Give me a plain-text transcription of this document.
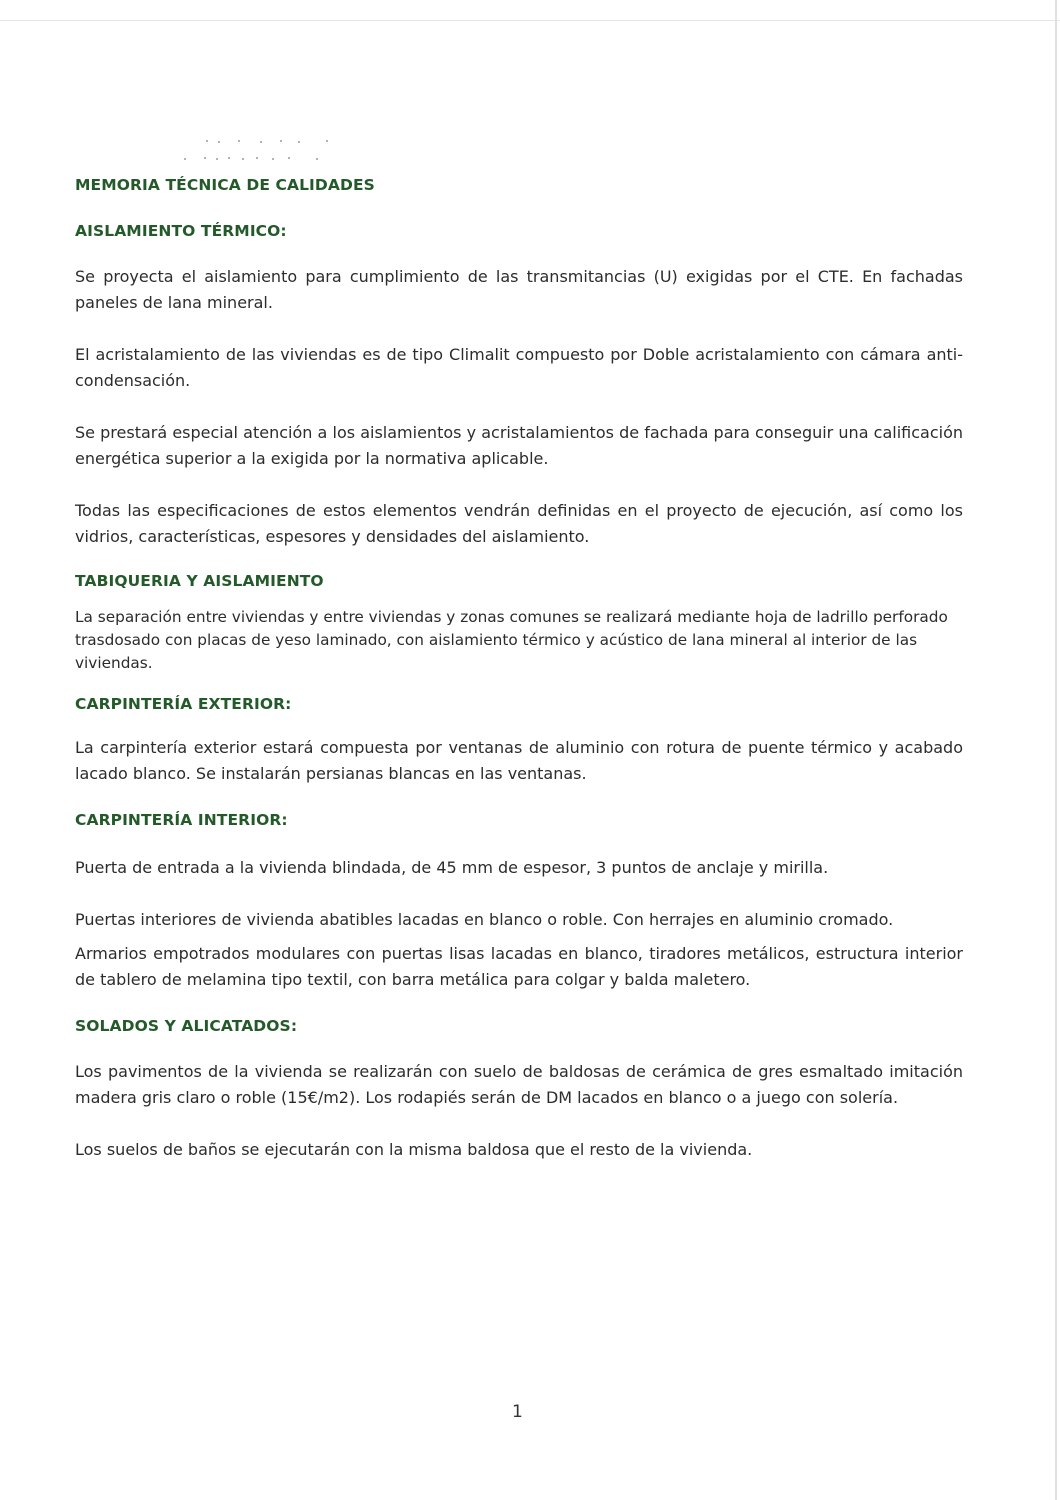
MEMORIA TÉCNICA DE CALIDADES
AISLAMIENTO TÉRMICO:

Se proyecta el aislamiento para cumplimiento de las transmitancias (U) exigidas por el CTE. En fachadas paneles de lana mineral.

El acristalamiento de las viviendas es de tipo Climalit compuesto por Doble acristalamiento con cámara anti-condensación.

Se prestará especial atención a los aislamientos y acristalamientos de fachada para conseguir una calificación energética superior a la exigida por la normativa aplicable.

Todas las especificaciones de estos elementos vendrán definidas en el proyecto de ejecución, así como los vidrios, características, espesores y densidades del aislamiento.

TABIQUERIA Y AISLAMIENTO

La separación entre viviendas y entre viviendas y zonas comunes se realizará mediante hoja de ladrillo perforado trasdosado con placas de yeso laminado, con aislamiento térmico y acústico de lana mineral al interior de las viviendas.

CARPINTERÍA EXTERIOR:

La carpintería exterior estará compuesta por ventanas de aluminio con rotura de puente térmico y acabado lacado blanco. Se instalarán persianas blancas en las ventanas.

CARPINTERÍA INTERIOR:

Puerta de entrada a la vivienda blindada, de 45 mm de espesor, 3 puntos de anclaje y mirilla.

Puertas interiores de vivienda abatibles lacadas en blanco o roble. Con herrajes en aluminio cromado.

Armarios empotrados modulares con puertas lisas lacadas en blanco, tiradores metálicos, estructura interior de tablero de melamina tipo textil, con barra metálica para colgar y balda maletero.

SOLADOS Y ALICATADOS:

Los pavimentos de la vivienda se realizarán con suelo de baldosas de cerámica de gres esmaltado imitación madera gris claro o roble (15€/m2). Los rodapiés serán de DM lacados en blanco o a juego con solería.

Los suelos de baños se ejecutarán con la misma baldosa que el resto de la vivienda.

1
